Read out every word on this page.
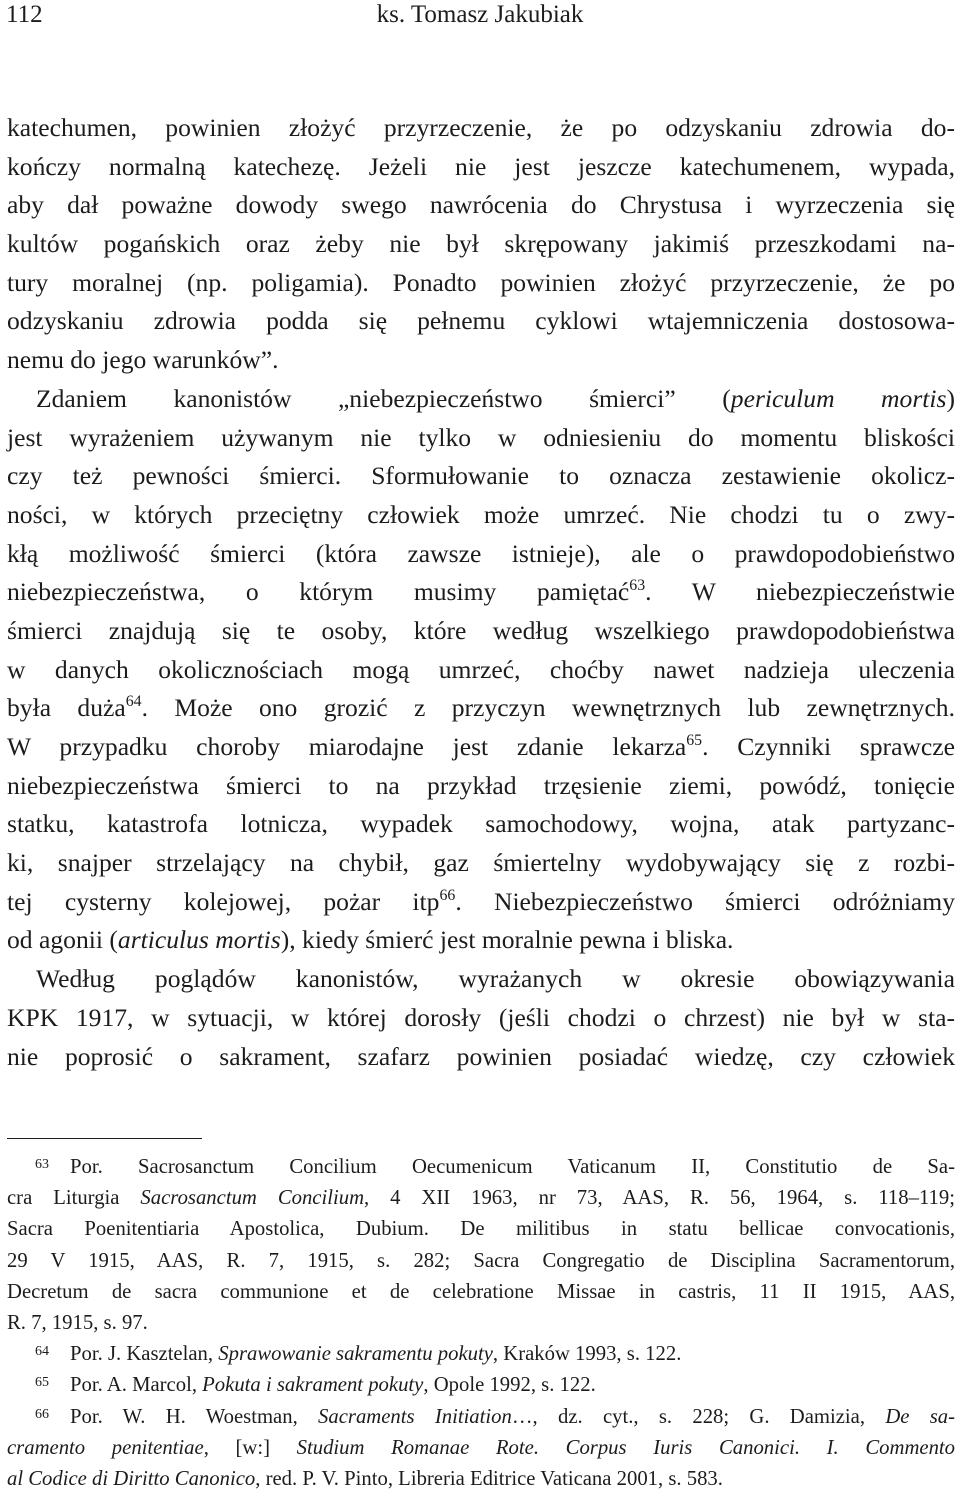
112	ks. Tomasz Jakubiak
katechumen, powinien złożyć przyrzeczenie, że po odzyskaniu zdrowia do-
kończy normalną katechezę. Jeżeli nie jest jeszcze katechumenem, wypada,
aby dał poważne dowody swego nawrócenia do Chrystusa i wyrzeczenia się
kultów pogańskich oraz żeby nie był skrępowany jakimiś przeszkodami na-
tury moralnej (np. poligamia). Ponadto powinien złożyć przyrzeczenie, że po
odzyskaniu zdrowia podda się pełnemu cyklowi wtajemniczenia dostosowa-
nemu do jego warunków”.
Zdaniem kanonistów „niebezpieczeństwo śmierci” (periculum mortis)
jest wyrażeniem używanym nie tylko w odniesieniu do momentu bliskości
czy też pewności śmierci. Sformułowanie to oznacza zestawienie okolicz-
ności, w których przeciętny człowiek może umrzeć. Nie chodzi tu o zwy-
kłą możliwość śmierci (która zawsze istnieje), ale o prawdopodobieństwo
niebezpieczeństwa, o którym musimy pamiętać$^{63}$. W niebezpieczeństwie
śmierci znajdują się te osoby, które według wszelkiego prawdopodobieństwa
w danych okolicznościach mogą umrzeć, choćby nawet nadzieja uleczenia
była duża$^{64}$. Może ono grozić z przyczyn wewnętrznych lub zewnętrznych.
W przypadku choroby miarodajne jest zdanie lekarza$^{65}$. Czynniki sprawcze
niebezpieczeństwa śmierci to na przykład trzęsienie ziemi, powódź, tonięcie
statku, katastrofa lotnicza, wypadek samochodowy, wojna, atak partyzanc-
ki, snajper strzelający na chybił, gaz śmiertelny wydobywający się z rozbi-
tej cysterny kolejowej, pożar itp$^{66}$. Niebezpieczeństwo śmierci odróżniamy
od agonii (articulus mortis), kiedy śmierć jest moralnie pewna i bliska.
Według poglądów kanonistów, wyrażanych w okresie obowiązywania
KPK 1917, w sytuacji, w której dorosły (jeśli chodzi o chrzest) nie był w sta-
nie poprosić o sakrament, szafarz powinien posiadać wiedzę, czy człowiek
$^{63}$ Por. Sacrosanctum Concilium Oecumenicum Vaticanum II, Constitutio de Sa-
cra Liturgia Sacrosanctum Concilium, 4 XII 1963, nr 73, AAS, R. 56, 1964, s. 118–119;
Sacra Poenitentiaria Apostolica, Dubium. De militibus in statu bellicae convocationis,
29 V 1915, AAS, R. 7, 1915, s. 282; Sacra Congregatio de Disciplina Sacramentorum,
Decretum de sacra communione et de celebratione Missae in castris, 11 II 1915, AAS,
R. 7, 1915, s. 97.
$^{64}$ Por. J. Kasztelan, Sprawowanie sakramentu pokuty, Kraków 1993, s. 122.
$^{65}$ Por. A. Marcol, Pokuta i sakrament pokuty, Opole 1992, s. 122.
$^{66}$ Por. W. H. Woestman, Sacraments Initiation…, dz. cyt., s. 228; G. Damizia, De sa-
cramento penitentiae, [w:] Studium Romanae Rote. Corpus Iuris Canonici. I. Commento
al Codice di Diritto Canonico, red. P. V. Pinto, Libreria Editrice Vaticana 2001, s. 583.
